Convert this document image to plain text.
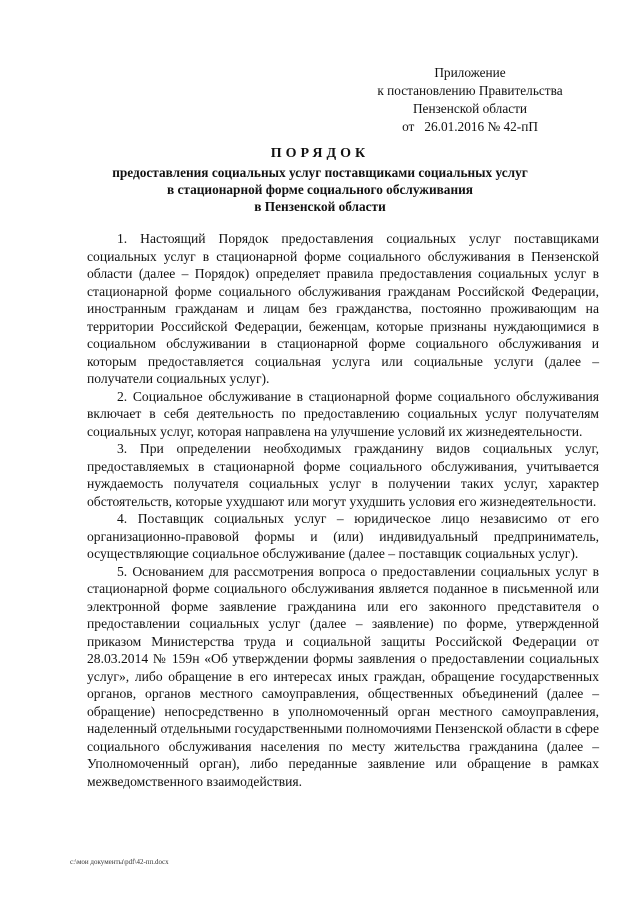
Приложение
к постановлению Правительства
Пензенской области
от   26.01.2016 № 42-пП
ПОРЯДОК
предоставления социальных услуг поставщиками социальных услуг
в стационарной форме социального обслуживания
в Пензенской области

1. Настоящий Порядок предоставления социальных услуг поставщиками социальных услуг в стационарной форме социального обслуживания в Пензенской области (далее – Порядок) определяет правила предоставления социальных услуг в стационарной форме социального обслуживания гражданам Российской Федерации, иностранным гражданам и лицам без гражданства, постоянно проживающим на территории Российской Федерации, беженцам, которые признаны нуждающимися в социальном обслуживании в стационарной форме социального обслуживания и которым предоставляется социальная услуга или социальные услуги (далее – получатели социальных услуг).

2. Социальное обслуживание в стационарной форме социального обслуживания включает в себя деятельность по предоставлению социальных услуг получателям социальных услуг, которая направлена на улучшение условий их жизнедеятельности.

3. При определении необходимых гражданину видов социальных услуг, предоставляемых в стационарной форме социального обслуживания, учитывается нуждаемость получателя социальных услуг в получении таких услуг, характер обстоятельств, которые ухудшают или могут ухудшить условия его жизнедеятельности.

4. Поставщик социальных услуг – юридическое лицо независимо от его организационно-правовой формы и (или) индивидуальный предприниматель, осуществляющие социальное обслуживание (далее – поставщик социальных услуг).

5. Основанием для рассмотрения вопроса о предоставлении социальных услуг в стационарной форме социального обслуживания является поданное в письменной или электронной форме заявление гражданина или его законного представителя о предоставлении социальных услуг (далее – заявление) по форме, утвержденной приказом Министерства труда и социальной защиты Российской Федерации от 28.03.2014 № 159н «Об утверждении формы заявления о предоставлении социальных услуг», либо обращение в его интересах иных граждан, обращение государственных органов, органов местного самоуправления, общественных объединений (далее – обращение) непосредственно в уполномоченный орган местного самоуправления, наделенный отдельными государственными полномочиями Пензенской области в сфере социального обслуживания населения по месту жительства гражданина (далее – Уполномоченный орган), либо переданные заявление или обращение в рамках межведомственного взаимодействия.

c:\мои документы\pdf\42-пп.docx
